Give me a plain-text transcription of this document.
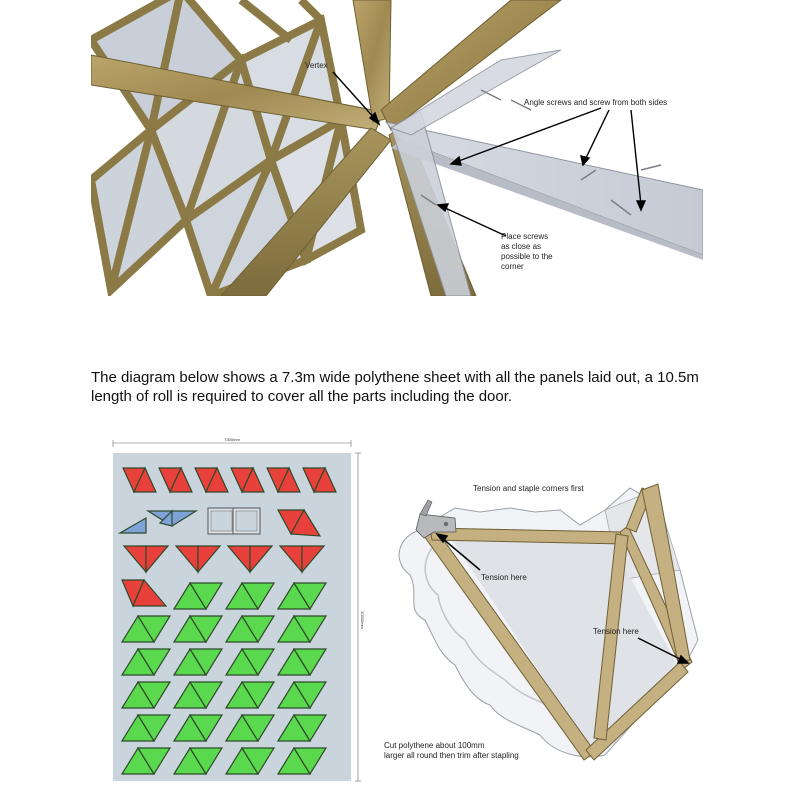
Vertex
Angle screws and screw from both sides
Place screws
as close as
possible to the
corner
The diagram below shows a 7.3m wide polythene sheet with all the panels laid out, a 10.5m length of roll is required to cover all the parts including the door.
7300mm
10500mm
Tension and staple corners first
Tension here
Tension here
Cut polythene about 100mm
larger all round then trim after stapling
